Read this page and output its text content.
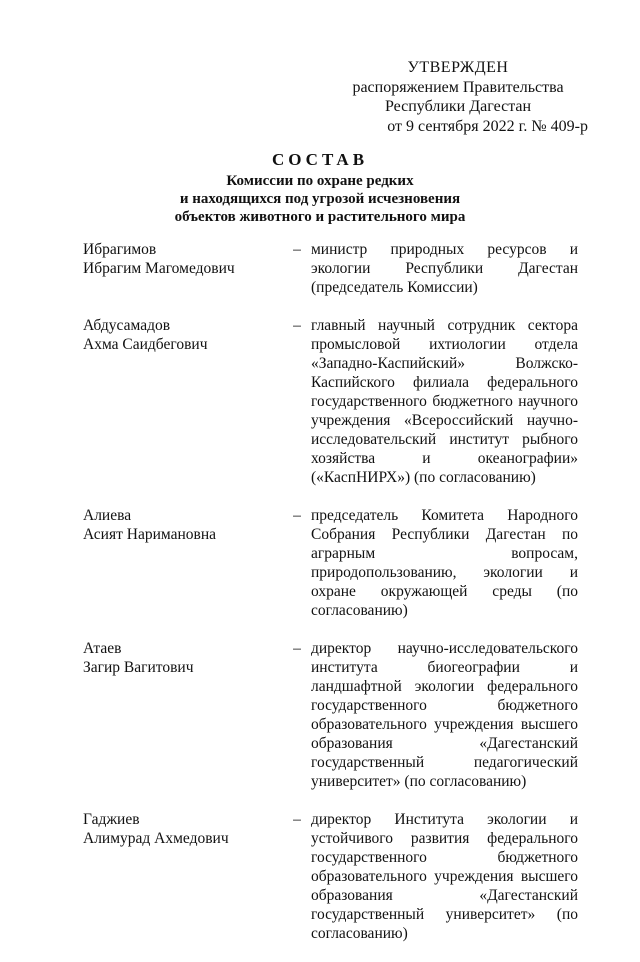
УТВЕРЖДЕН
распоряжением Правительства
Республики Дагестан
от 9 сентября 2022 г. № 409-р
СОСТАВ
Комиссии по охране редких
и находящихся под угрозой исчезновения
объектов животного и растительного мира
Ибрагимов
Ибрагим Магомедович
– министр природных ресурсов и экологии Республики Дагестан (председатель Комиссии)
Абдусамадов
Ахма Саидбегович
– главный научный сотрудник сектора промысловой ихтиологии отдела «Западно-Каспийский» Волжско-Каспийского филиала федерального государственного бюджетного научного учреждения «Всероссийский научно-исследовательский институт рыбного хозяйства и океанографии» («КаспНИРХ») (по согласованию)
Алиева
Асият Наримановна
– председатель Комитета Народного Собрания Республики Дагестан по аграрным вопросам, природопользованию, экологии и охране окружающей среды (по согласованию)
Атаев
Загир Вагитович
– директор научно-исследовательского института биогеографии и ландшафтной экологии федерального государственного бюджетного образовательного учреждения высшего образования «Дагестанский государственный педагогический университет» (по согласованию)
Гаджиев
Алимурад Ахмедович
– директор Института экологии и устойчивого развития федерального государственного бюджетного образовательного учреждения высшего образования «Дагестанский государственный университет» (по согласованию)
